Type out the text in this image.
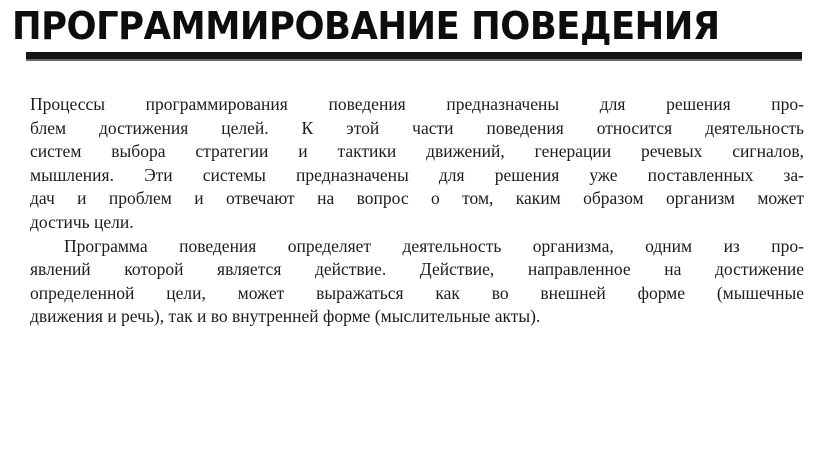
ПРОГРАММИРОВАНИЕ ПОВЕДЕНИЯ

Процессы программирования поведения предназначены для решения про-
блем достижения целей. К этой части поведения относится деятельность
систем выбора стратегии и тактики движений, генерации речевых сигналов,
мышления. Эти системы предназначены для решения уже поставленных за-
дач и проблем и отвечают на вопрос о том, каким образом организм может
достичь цели.

Программа поведения определяет деятельность организма, одним из про-
явлений которой является действие. Действие, направленное на достижение
определенной цели, может выражаться как во внешней форме (мышечные
движения и речь), так и во внутренней форме (мыслительные акты).
